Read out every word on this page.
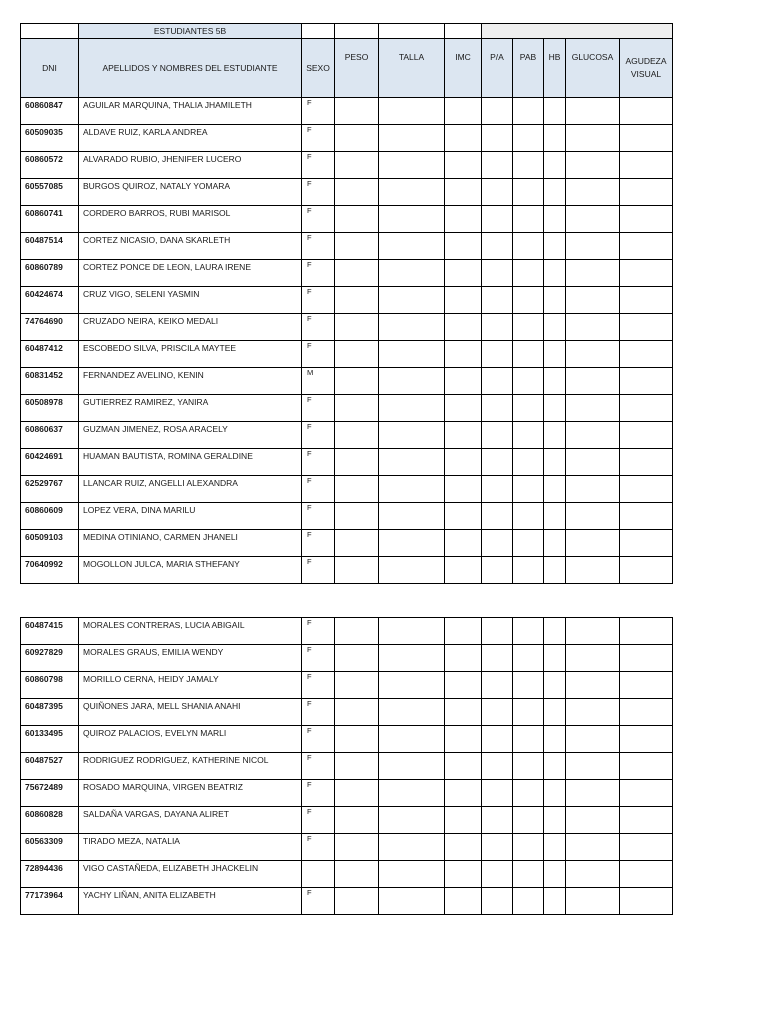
	ESTUDIANTES 5B									
DNI	APELLIDOS Y NOMBRES DEL ESTUDIANTE	SEXO	PESO	TALLA	IMC	P/A	PAB	HB	GLUCOSA	AGUDEZA VISUAL
60860847	AGUILAR MARQUINA, THALIA JHAMILETH	F								
60509035	ALDAVE RUIZ, KARLA ANDREA	F								
60860572	ALVARADO RUBIO, JHENIFER LUCERO	F								
60557085	BURGOS QUIROZ, NATALY YOMARA	F								
60860741	CORDERO BARROS, RUBI MARISOL	F								
60487514	CORTEZ NICASIO, DANA SKARLETH	F								
60860789	CORTEZ PONCE DE LEON, LAURA IRENE	F								
60424674	CRUZ VIGO, SELENI YASMIN	F								
74764690	CRUZADO NEIRA, KEIKO MEDALI	F								
60487412	ESCOBEDO SILVA, PRISCILA MAYTEE	F								
60831452	FERNANDEZ AVELINO, KENIN	M								
60508978	GUTIERREZ RAMIREZ, YANIRA	F								
60860637	GUZMAN JIMENEZ, ROSA ARACELY	F								
60424691	HUAMAN BAUTISTA, ROMINA GERALDINE	F								
62529767	LLANCAR RUIZ, ANGELLI ALEXANDRA	F								
60860609	LOPEZ VERA, DINA MARILU	F								
60509103	MEDINA OTINIANO, CARMEN JHANELI	F								
70640992	MOGOLLON JULCA, MARIA STHEFANY	F								
60487415	MORALES CONTRERAS, LUCIA ABIGAIL	F								
60927829	MORALES GRAUS, EMILIA WENDY	F								
60860798	MORILLO CERNA, HEIDY JAMALY	F								
60487395	QUIÑONES JARA, MELL SHANIA ANAHI	F								
60133495	QUIROZ PALACIOS, EVELYN MARLI	F								
60487527	RODRIGUEZ RODRIGUEZ, KATHERINE NICOL	F								
75672489	ROSADO MARQUINA, VIRGEN BEATRIZ	F								
60860828	SALDAÑA VARGAS, DAYANA ALIRET	F								
60563309	TIRADO MEZA, NATALIA	F								
72894436	VIGO CASTAÑEDA, ELIZABETH JHACKELIN									
77173964	YACHY LIÑAN, ANITA ELIZABETH	F								
